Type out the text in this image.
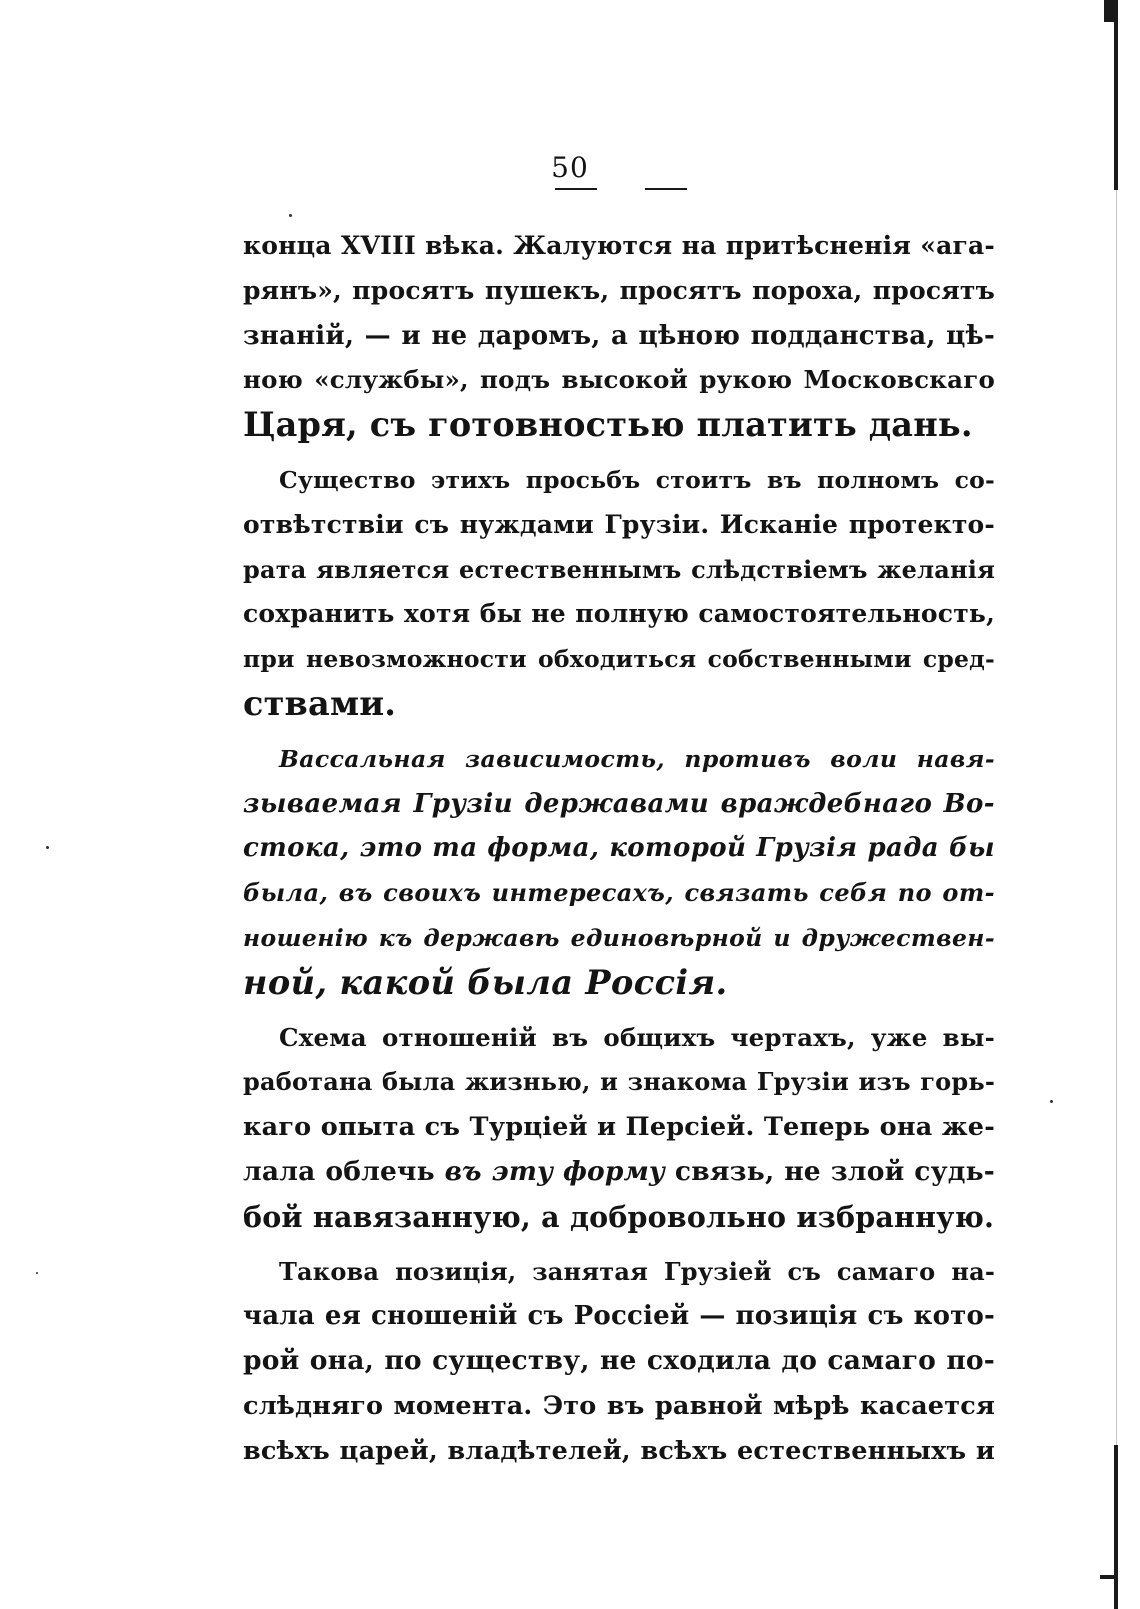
50
конца XVIII вѣка. Жалуются на притѣсненія «ага-
рянъ», просятъ пушекъ, просятъ пороха, просятъ
знаній, — и не даромъ, а цѣною подданства, цѣ-
ною «службы», подъ высокой рукою Московскаго
Царя, съ готовностью платить дань.
Существо этихъ просьбъ стоитъ въ полномъ со-
отвѣтствіи съ нуждами Грузіи. Исканіе протекто-
рата является естественнымъ слѣдствіемъ желанія
сохранить хотя бы не полную самостоятельность,
при невозможности обходиться собственными сред-
ствами.
Вассальная зависимость, противъ воли навя-
зываемая Грузіи державами враждебнаго Во-
стока, это та форма, которой Грузія рада бы
была, въ своихъ интересахъ, связать себя по от-
ношенію къ державѣ единовѣрной и дружествен-
ной, какой была Россія.
Схема отношеній въ общихъ чертахъ, уже вы-
работана была жизнью, и знакома Грузіи изъ горь-
каго опыта съ Турціей и Персіей. Теперь она же-
лала облечь въ эту форму связь, не злой судь-
бой навязанную, а добровольно избранную.
Такова позиція, занятая Грузіей съ самаго на-
чала ея сношеній съ Россіей — позиція съ кото-
рой она, по существу, не сходила до самаго по-
слѣдняго момента. Это въ равной мѣрѣ касается
всѣхъ царей, владѣтелей, всѣхъ естественныхъ и
